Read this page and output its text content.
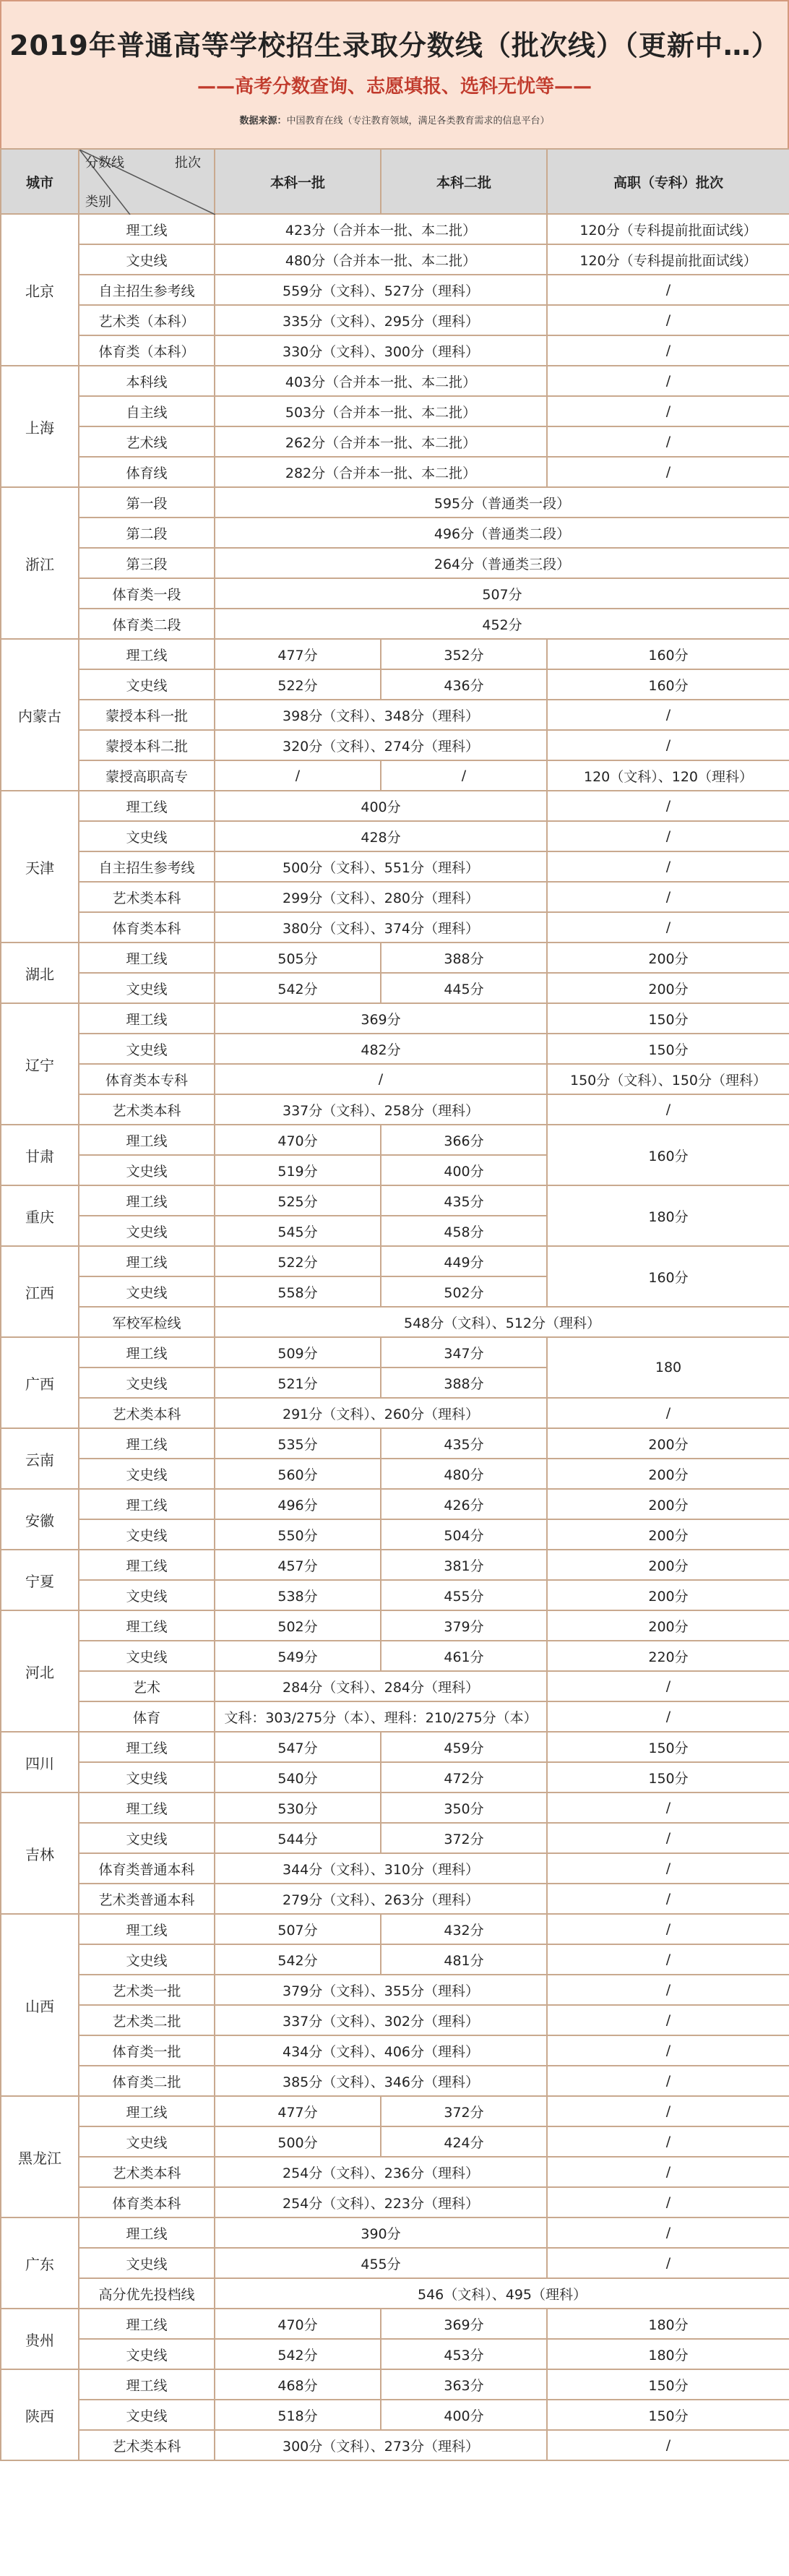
2019年普通高等学校招生录取分数线（批次线）（更新中…）
——高考分数查询、志愿填报、选科无忧等——
数据来源：中国教育在线（专注教育领域，满足各类教育需求的信息平台）
城市	分数线 批次
类别	本科一批	本科二批	高职（专科）批次
北京	理工线	423分（合并本一批、本二批）		120分（专科提前批面试线）
	文史线	480分（合并本一批、本二批）		120分（专科提前批面试线）
	自主招生参考线	559分（文科）、527分（理科）		/
	艺术类（本科）	335分（文科）、295分（理科）		/
	体育类（本科）	330分（文科）、300分（理科）		/
上海	本科线	403分（合并本一批、本二批）		/
	自主线	503分（合并本一批、本二批）		/
	艺术线	262分（合并本一批、本二批）		/
	体育线	282分（合并本一批、本二批）		/
浙江	第一段	595分（普通类一段）		
	第二段	496分（普通类二段）		
	第三段	264分（普通类三段）		
	体育类一段	507分		
	体育类二段	452分		
内蒙古	理工线	477分	352分	160分
	文史线	522分	436分	160分
	蒙授本科一批	398分（文科）、348分（理科）		/
	蒙授本科二批	320分（文科）、274分（理科）		/
	蒙授高职高专	/	/	120（文科）、120（理科）
天津	理工线	400分		/
	文史线	428分		/
	自主招生参考线	500分（文科）、551分（理科）		/
	艺术类本科	299分（文科）、280分（理科）		/
	体育类本科	380分（文科）、374分（理科）		/
湖北	理工线	505分	388分	200分
	文史线	542分	445分	200分
辽宁	理工线	369分		150分
	文史线	482分		150分
	体育类本专科	/		150分（文科）、150分（理科）
	艺术类本科	337分（文科）、258分（理科）		/
甘肃	理工线	470分	366分	160分
	文史线	519分	400分	
重庆	理工线	525分	435分	180分
	文史线	545分	458分	
江西	理工线	522分	449分	160分
	文史线	558分	502分	
	军校军检线	548分（文科）、512分（理科）		
广西	理工线	509分	347分	180
	文史线	521分	388分	
	艺术类本科	291分（文科）、260分（理科）		/
云南	理工线	535分	435分	200分
	文史线	560分	480分	200分
安徽	理工线	496分	426分	200分
	文史线	550分	504分	200分
宁夏	理工线	457分	381分	200分
	文史线	538分	455分	200分
河北	理工线	502分	379分	200分
	文史线	549分	461分	220分
	艺术	284分（文科）、284分（理科）		/
	体育	文科：303/275分（本）、理科：210/275分（本）		/
四川	理工线	547分	459分	150分
	文史线	540分	472分	150分
吉林	理工线	530分	350分	/
	文史线	544分	372分	/
	体育类普通本科	344分（文科）、310分（理科）		/
	艺术类普通本科	279分（文科）、263分（理科）		/
山西	理工线	507分	432分	/
	文史线	542分	481分	/
	艺术类一批	379分（文科）、355分（理科）		/
	艺术类二批	337分（文科）、302分（理科）		/
	体育类一批	434分（文科）、406分（理科）		/
	体育类二批	385分（文科）、346分（理科）		/
黑龙江	理工线	477分	372分	/
	文史线	500分	424分	/
	艺术类本科	254分（文科）、236分（理科）		/
	体育类本科	254分（文科）、223分（理科）		/
广东	理工线	390分		/
	文史线	455分		/
	高分优先投档线	546（文科）、495（理科）		
贵州	理工线	470分	369分	180分
	文史线	542分	453分	180分
陕西	理工线	468分	363分	150分
	文史线	518分	400分	150分
	艺术类本科	300分（文科）、273分（理科）		/
